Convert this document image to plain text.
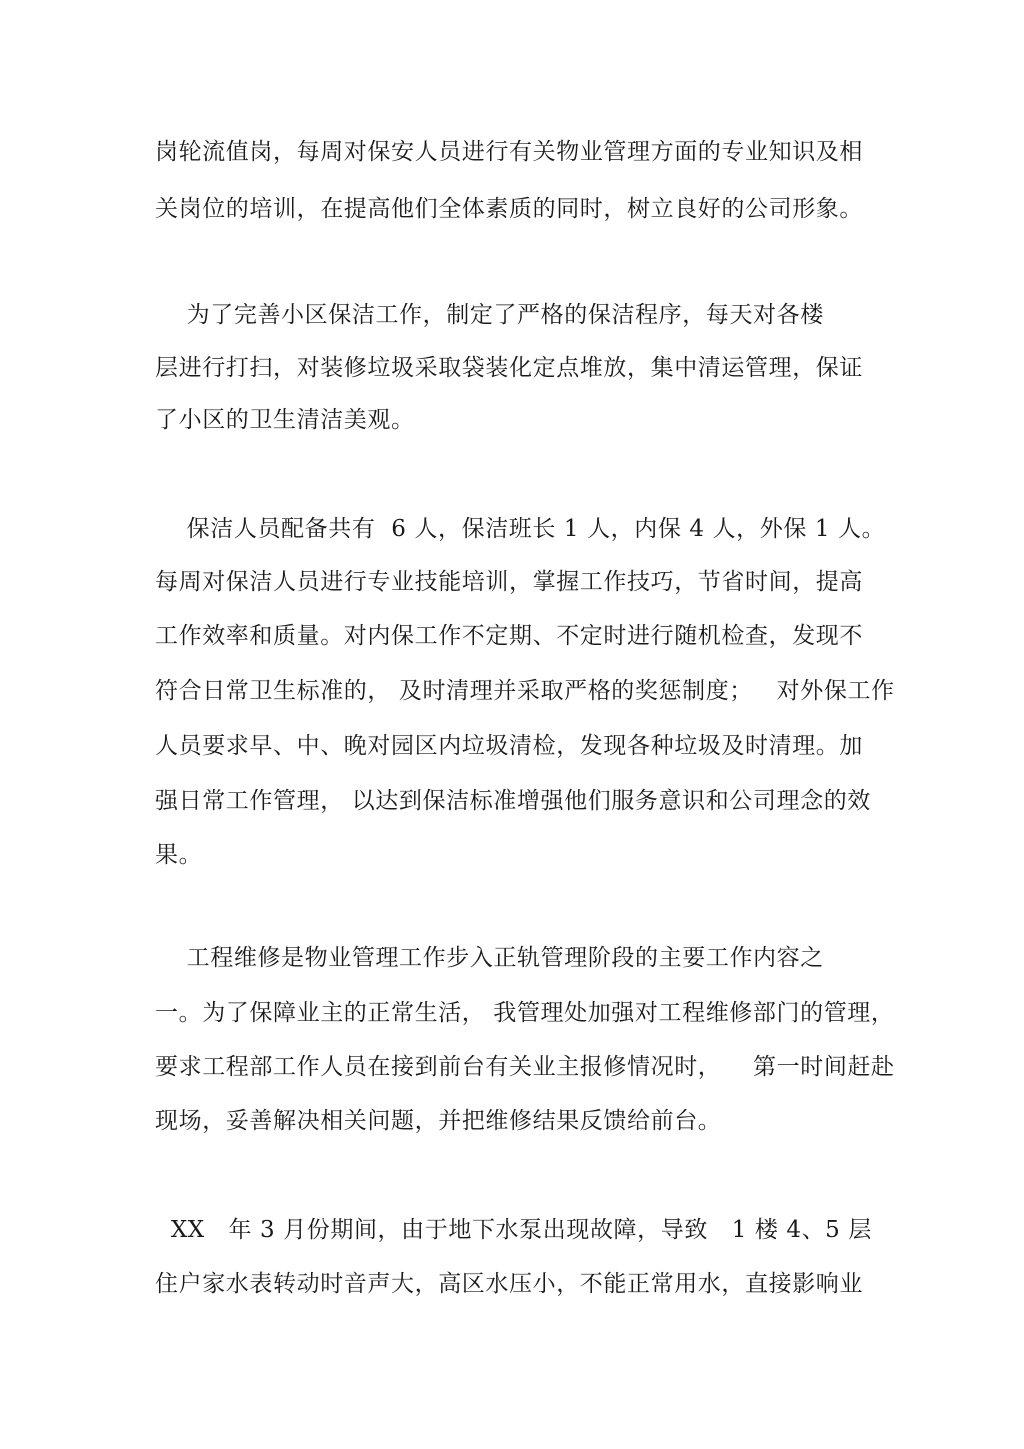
岗轮流值岗，每周对保安人员进行有关物业管理方面的专业知识及相
关岗位的培训，在提高他们全体素质的同时，树立良好的公司形象。
为了完善小区保洁工作，制定了严格的保洁程序，每天对各楼
层进行打扫，对装修垃圾采取袋装化定点堆放，集中清运管理，保证
了小区的卫生清洁美观。
保洁人员配备共有  6 人，保洁班长 1 人，内保 4 人，外保 1 人。
每周对保洁人员进行专业技能培训，掌握工作技巧，节省时间，提高
工作效率和质量。对内保工作不定期、不定时进行随机检查，发现不
符合日常卫生标准的， 及时清理并采取严格的奖惩制度；   对外保工作
人员要求早、中、晚对园区内垃圾清检，发现各种垃圾及时清理。加
强日常工作管理， 以达到保洁标准增强他们服务意识和公司理念的效
果。
工程维修是物业管理工作步入正轨管理阶段的主要工作内容之
一。为了保障业主的正常生活， 我管理处加强对工程维修部门的管理，
要求工程部工作人员在接到前台有关业主报修情况时，    第一时间赶赴
现场，妥善解决相关问题，并把维修结果反馈给前台。
XX   年 3 月份期间，由于地下水泵出现故障，导致   1 楼 4、5 层
住户家水表转动时音声大，高区水压小，不能正常用水，直接影响业
